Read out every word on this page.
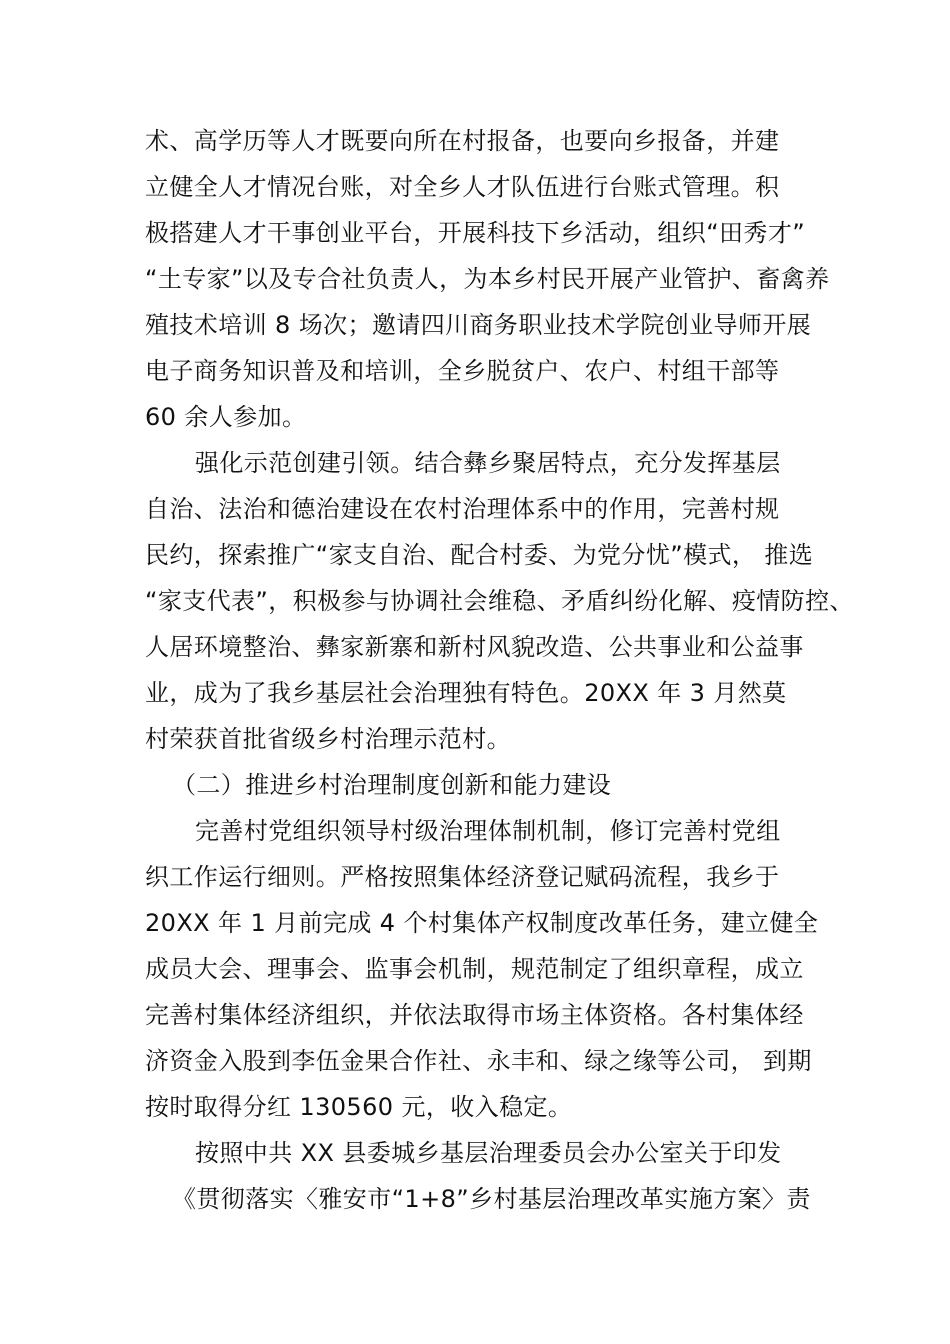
术、高学历等人才既要向所在村报备，也要向乡报备，并建
立健全人才情况台账，对全乡人才队伍进行台账式管理。积
极搭建人才干事创业平台，开展科技下乡活动，组织“田秀才”
“土专家”以及专合社负责人，为本乡村民开展产业管护、畜禽养
殖技术培训 8 场次；邀请四川商务职业技术学院创业导师开展
电子商务知识普及和培训，全乡脱贫户、农户、村组干部等
60 余人参加。
强化示范创建引领。结合彝乡聚居特点，充分发挥基层
自治、法治和德治建设在农村治理体系中的作用，完善村规
民约，探索推广“家支自治、配合村委、为党分忧”模式， 推选
“家支代表”，积极参与协调社会维稳、矛盾纠纷化解、疫情防控、
人居环境整治、彝家新寨和新村风貌改造、公共事业和公益事
业，成为了我乡基层社会治理独有特色。20XX 年 3 月然莫
村荣获首批省级乡村治理示范村。
（二）推进乡村治理制度创新和能力建设
完善村党组织领导村级治理体制机制，修订完善村党组
织工作运行细则。严格按照集体经济登记赋码流程，我乡于
20XX 年 1 月前完成 4 个村集体产权制度改革任务，建立健全
成员大会、理事会、监事会机制，规范制定了组织章程，成立
完善村集体经济组织，并依法取得市场主体资格。各村集体经
济资金入股到李伍金果合作社、永丰和、绿之缘等公司， 到期
按时取得分红 130560 元，收入稳定。
按照中共 XX 县委城乡基层治理委员会办公室关于印发
《贯彻落实〈雅安市“1+8”乡村基层治理改革实施方案〉责
